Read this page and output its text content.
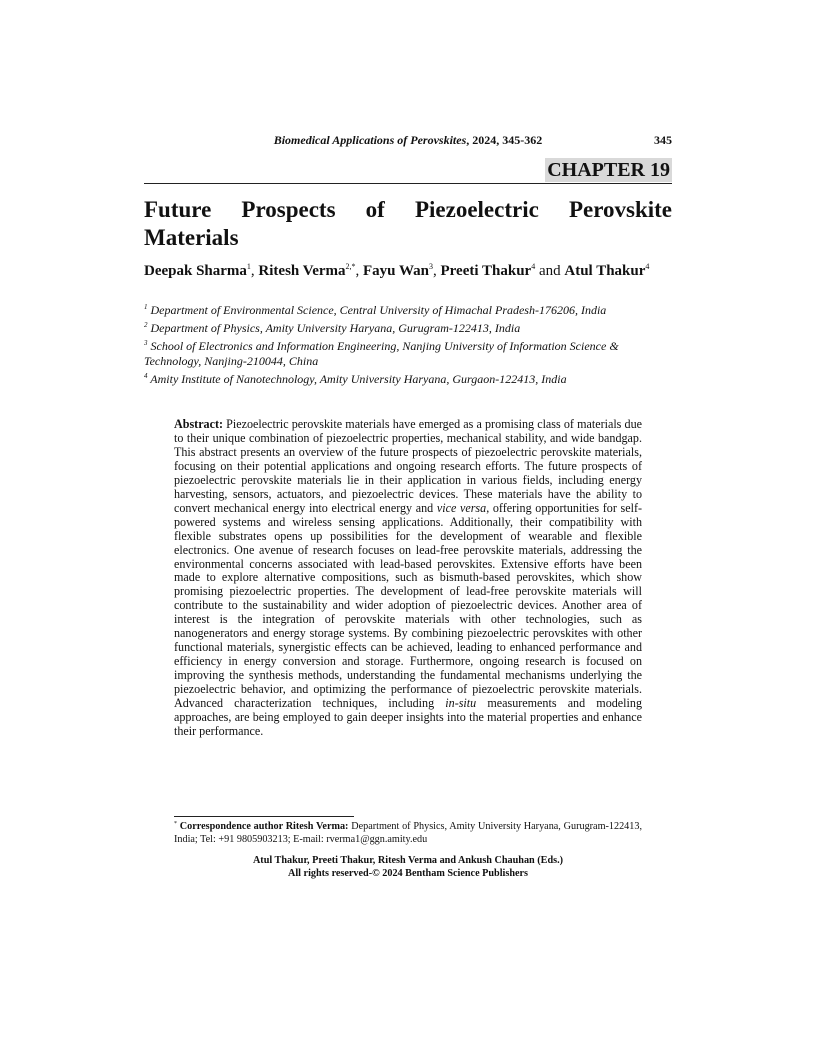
Biomedical Applications of Perovskites, 2024, 345-362	345
CHAPTER 19
Future Prospects of Piezoelectric Perovskite Materials
Deepak Sharma$^1$, Ritesh Verma$^{2,*}$, Fayu Wan$^3$, Preeti Thakur$^4$ and Atul Thakur$^4$
$^1$ Department of Environmental Science, Central University of Himachal Pradesh-176206, India
$^2$ Department of Physics, Amity University Haryana, Gurugram-122413, India
$^3$ School of Electronics and Information Engineering, Nanjing University of Information Science & Technology, Nanjing-210044, China
$^4$ Amity Institute of Nanotechnology, Amity University Haryana, Gurgaon-122413, India
Abstract: Piezoelectric perovskite materials have emerged as a promising class of materials due to their unique combination of piezoelectric properties, mechanical stability, and wide bandgap. This abstract presents an overview of the future prospects of piezoelectric perovskite materials, focusing on their potential applications and ongoing research efforts. The future prospects of piezoelectric perovskite materials lie in their application in various fields, including energy harvesting, sensors, actuators, and piezoelectric devices. These materials have the ability to convert mechanical energy into electrical energy and vice versa, offering opportunities for self-powered systems and wireless sensing applications. Additionally, their compatibility with flexible substrates opens up possibilities for the development of wearable and flexible electronics. One avenue of research focuses on lead-free perovskite materials, addressing the environmental concerns associated with lead-based perovskites. Extensive efforts have been made to explore alternative compositions, such as bismuth-based perovskites, which show promising piezoelectric properties. The development of lead-free perovskite materials will contribute to the sustainability and wider adoption of piezoelectric devices. Another area of interest is the integration of perovskite materials with other technologies, such as nanogenerators and energy storage systems. By combining piezoelectric perovskites with other functional materials, synergistic effects can be achieved, leading to enhanced performance and efficiency in energy conversion and storage. Furthermore, ongoing research is focused on improving the synthesis methods, understanding the fundamental mechanisms underlying the piezoelectric behavior, and optimizing the performance of piezoelectric perovskite materials. Advanced characterization techniques, including in-situ measurements and modeling approaches, are being employed to gain deeper insights into the material properties and enhance their performance.
* Correspondence author Ritesh Verma: Department of Physics, Amity University Haryana, Gurugram-122413, India; Tel: +91 9805903213; E-mail: rverma1@ggn.amity.edu
Atul Thakur, Preeti Thakur, Ritesh Verma and Ankush Chauhan (Eds.)
All rights reserved-© 2024 Bentham Science Publishers
